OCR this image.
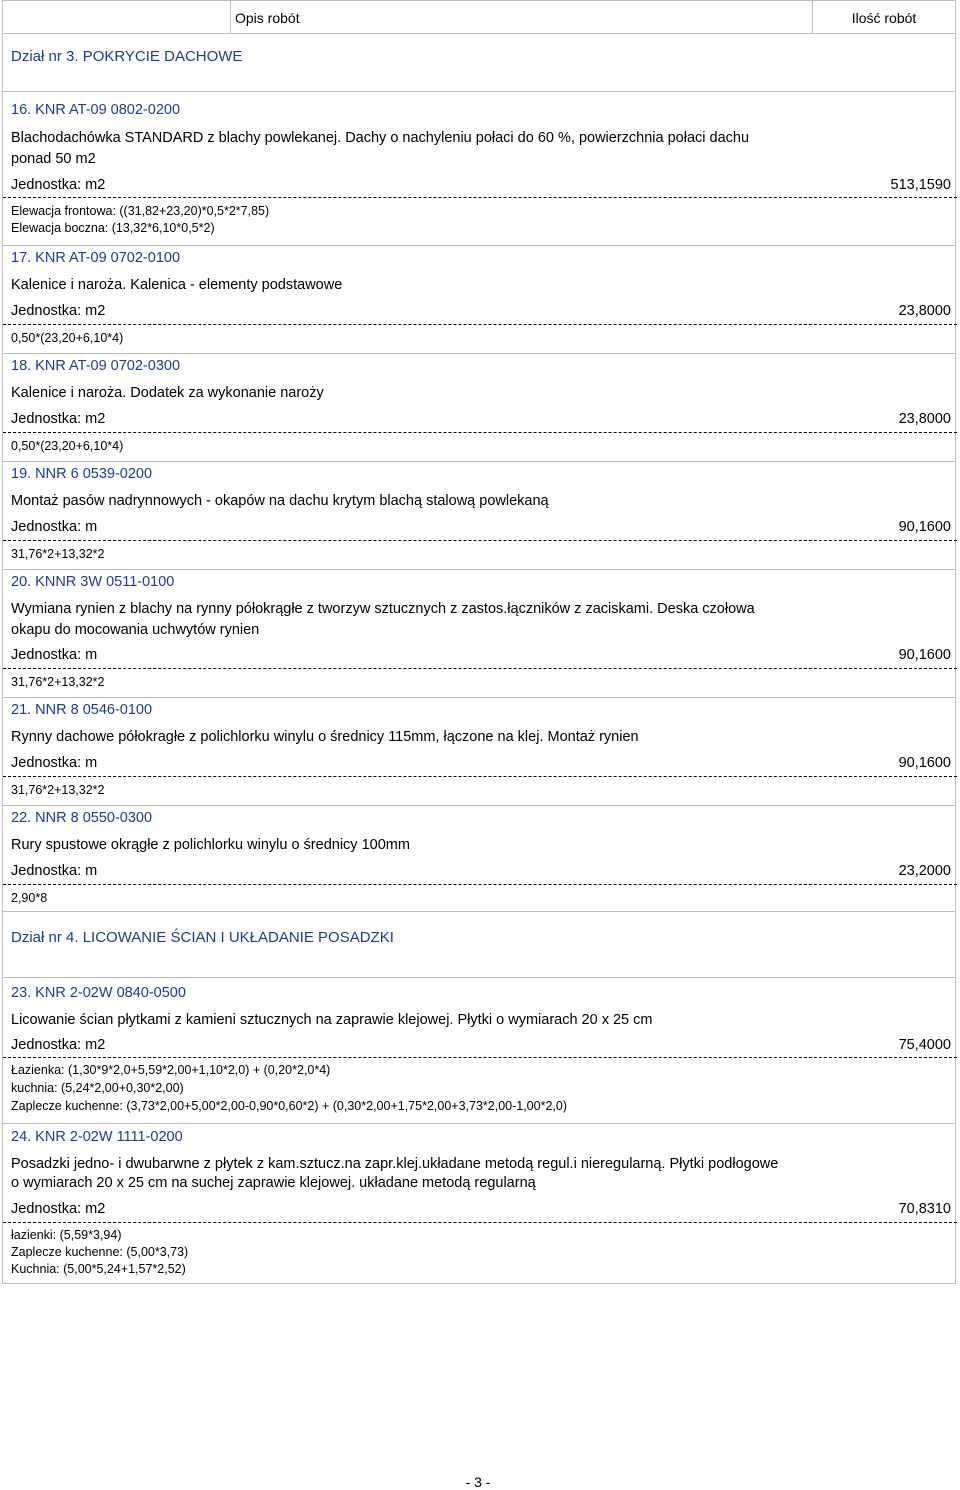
Opis robót	Ilość robót
Dział nr 3. POKRYCIE DACHOWE
16. KNR AT-09 0802-0200
Blachodachówka STANDARD z blachy powlekanej. Dachy o nachyleniu połaci do 60 %, powierzchnia połaci dachu
ponad 50 m2
Jednostka: m2	513,1590
Elewacja frontowa: ((31,82+23,20)*0,5*2*7,85)
Elewacja boczna: (13,32*6,10*0,5*2)
17. KNR AT-09 0702-0100
Kalenice i naroża. Kalenica - elementy podstawowe
Jednostka: m2	23,8000
0,50*(23,20+6,10*4)
18. KNR AT-09 0702-0300
Kalenice i naroża. Dodatek za wykonanie naroży
Jednostka: m2	23,8000
0,50*(23,20+6,10*4)
19. NNR 6 0539-0200
Montaż pasów nadrynnowych - okapów na dachu krytym blachą stalową powlekaną
Jednostka: m	90,1600
31,76*2+13,32*2
20. KNNR 3W 0511-0100
Wymiana rynien z blachy na rynny półokrągłe z tworzyw sztucznych z zastos.łączników z zaciskami. Deska czołowa
okapu do mocowania uchwytów rynien
Jednostka: m	90,1600
31,76*2+13,32*2
21. NNR 8 0546-0100
Rynny dachowe półokragłe z polichlorku winylu o średnicy 115mm, łączone na klej. Montaż rynien
Jednostka: m	90,1600
31,76*2+13,32*2
22. NNR 8 0550-0300
Rury spustowe okrągłe z polichlorku winylu o średnicy 100mm
Jednostka: m	23,2000
2,90*8
Dział nr 4. LICOWANIE ŚCIAN I UKŁADANIE POSADZKI
23. KNR 2-02W 0840-0500
Licowanie ścian płytkami z kamieni sztucznych na zaprawie klejowej. Płytki o wymiarach 20 x 25 cm
Jednostka: m2	75,4000
Łazienka: (1,30*9*2,0+5,59*2,00+1,10*2,0) + (0,20*2,0*4)
kuchnia: (5,24*2,00+0,30*2,00)
Zaplecze kuchenne: (3,73*2,00+5,00*2,00-0,90*0,60*2) + (0,30*2,00+1,75*2,00+3,73*2,00-1,00*2,0)
24. KNR 2-02W 1111-0200
Posadzki jedno- i dwubarwne z płytek z kam.sztucz.na zapr.klej.układane metodą regul.i nieregularną. Płytki podłogowe
o wymiarach 20 x 25 cm na suchej zaprawie klejowej. układane metodą regularną
Jednostka: m2	70,8310
łazienki: (5,59*3,94)
Zaplecze kuchenne: (5,00*3,73)
Kuchnia: (5,00*5,24+1,57*2,52)
- 3 -
